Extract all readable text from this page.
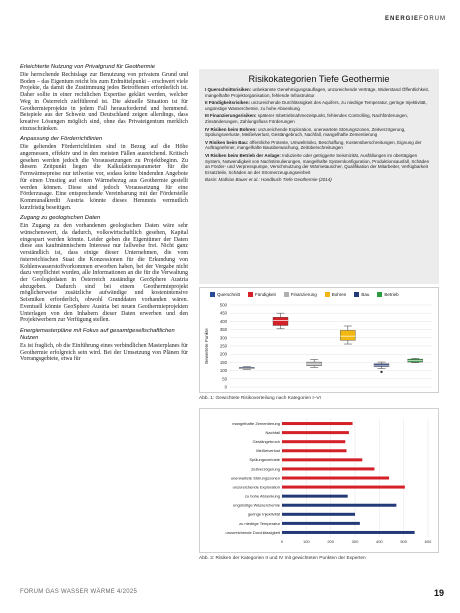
ENERGIEFORUM
Erleichterte Nutzung von Privatgrund für Geothermie
Die herrschende Rechtslage zur Benutzung von privatem Grund und Boden – das Eigentum reicht bis zum Erdmittelpunkt – erschwert viele Projekte, da damit die Zustimmung jedes Betroffenen erforderlich ist. Daher sollte in einer rechtlichen Expertise geklärt werden, welcher Weg in Österreich zielführend ist. Die aktuelle Situation ist für Geothermieprojekte in jedem Fall herausfordernd und hemmend. Beispiele aus der Schweiz und Deutschland zeigen allerdings, dass kreative Lösungen möglich sind, ohne das Privateigentum merklich einzuschränken.
Anpassung der Förderrichtlinien
Die geltenden Förderrichtlinien sind in Bezug auf die Höhe angemessen, effektiv und in den meisten Fällen ausreichend. Kritisch gesehen werden jedoch die Voraussetzungen zu Projektbeginn. Zu diesem Zeitpunkt liegen die Kalkulationsparameter für die Fernwärmepreise nur teilweise vor, sodass keine bindenden Angebote für einen Umstieg auf einen Wärmebezug aus Geothermie gestellt werden können. Diese sind jedoch Voraussetzung für eine Förderzusage. Eine entsprechende Vereinbarung mit der Förderstelle Kommunalkredit Austria könnte dieses Hemmnis vermutlich kurzfristig beseitigen.
Zugang zu geologischen Daten
Ein Zugang zu den vorhandenen geologischen Daten wäre sehr wünschenswert, da dadurch, volkswirtschaftlich gesehen, Kapital eingespart werden könnte. Leider geben die Eigentümer der Daten diese aus kaufmännischem Interesse nur fallweise frei. Nicht ganz verständlich ist, dass einige dieser Unternehmen, die vom österreichischen Staat die Konzessionen für die Erkundung von Kohlenwasserstoffvorkommen erworben haben, bei der Vergabe nicht dazu verpflichtet wurden, alle Informationen an die für die Verwaltung der Geologiedaten in Österreich zuständige GeoSphere Austria abzugeben. Dadurch sind bei einem Geothermieprojekt möglicherweise zusätzliche aufwändige und kostenintensive Seismiken erforderlich, obwohl Grunddaten vorhanden wären. Eventuell könnte GeoSphere Austria bei neuen Geothermieprojekten Unterlagen von den Inhabern dieser Daten erwerben und den Projektwerbern zur Verfügung stellen.
Energiemasterpläne mit Fokus auf gesamtgesellschaftlichen Nutzen
Es ist fraglich, ob die Einführung eines verbindlichen Masterplanes für Geothermie erfolgreich sein wird. Bei der Umsetzung von Plänen für Vorrangsgebiete, etwa für
Risikokategorien Tiefe Geothermie
I Querschnittsrisiken: unbekannte Genehmigungsauflagen, unzureichende Verträge, Widerstand Öffentlichkeit, mangelhafte Projektorganisation, fehlende Infrastruktur
II Fündigkeitsrisiken: unzureichende Durchlässigkeit des Aquifers, zu niedrige Temperatur, geringe Injektivität, ungünstige Wasserchemie, zu hohe Absenkung
III Finanzierungsrisiken: späterer Inbetriebnahmezeitpunkt, fehlendes Controlling, Nachförderungen, Zinsänderungen, Zahlungsfluss Förderungen
IV Risiken beim Bohren: unzureichende Exploration, unerwartete Störungszonen, Zeitverzögerung, Spülungsverluste, Meißelverlust, Gestängebruch, Nachfall, mangelhafte Zementierung
V Risiken beim Bau: öffentliche Proteste, Umweltrisiko, Beschaffung, Kostenüberschreitungen, Eignung der Auftragnehmer, mangelhafte Bauüberwachung, Zeitüberschreitungen
VI Risiken beim Betrieb der Anlage: Induzierte oder getriggerte Seismizität, Ausfällungen im obertägigen System, Notwendigkeit von Nachstimulierungen, mangelhafte Systemkonfiguration, Produktionsausfall, Schäden an Förder- und Verpresspumpe, Verschmutzung der Wärmetauscher, Qualifikation der Mitarbeiter, Verfügbarkeit Ersatzteile, Schäden an der Stromerzeugungseinheit
Basis: Mathias Bauer et al.: Handbuch Tiefe Geothermie (2014)
Querschnitt	Fündigkeit	Finanzierung	Bohren	Bau	Betrieb
0
50
100
150
200
250
300
350
400
450
500
Bewertete Punkte
Abb. 1: Gewichtete Risikoverteilung nach Kategorien I–VI
0	100	200	300	400	500	600
mangelhafte Zementierung
Nachfall
Gestängebruch
Meißelverlust
Spülungsverluste
Zeitverzögerung
unerwartete Störungszonen
unzureichende Exploration
zu hohe Absenkung
ungünstige Wasserchemie
geringe Injektivität
zu niedrige Temperatur
unzureichende Durchlässigkeit
Abb. 2: Risiken der Kategorien II und IV mit gewichteten Punkten der Experten
FORUM GAS WASSER WÄRME 4/2025	19
